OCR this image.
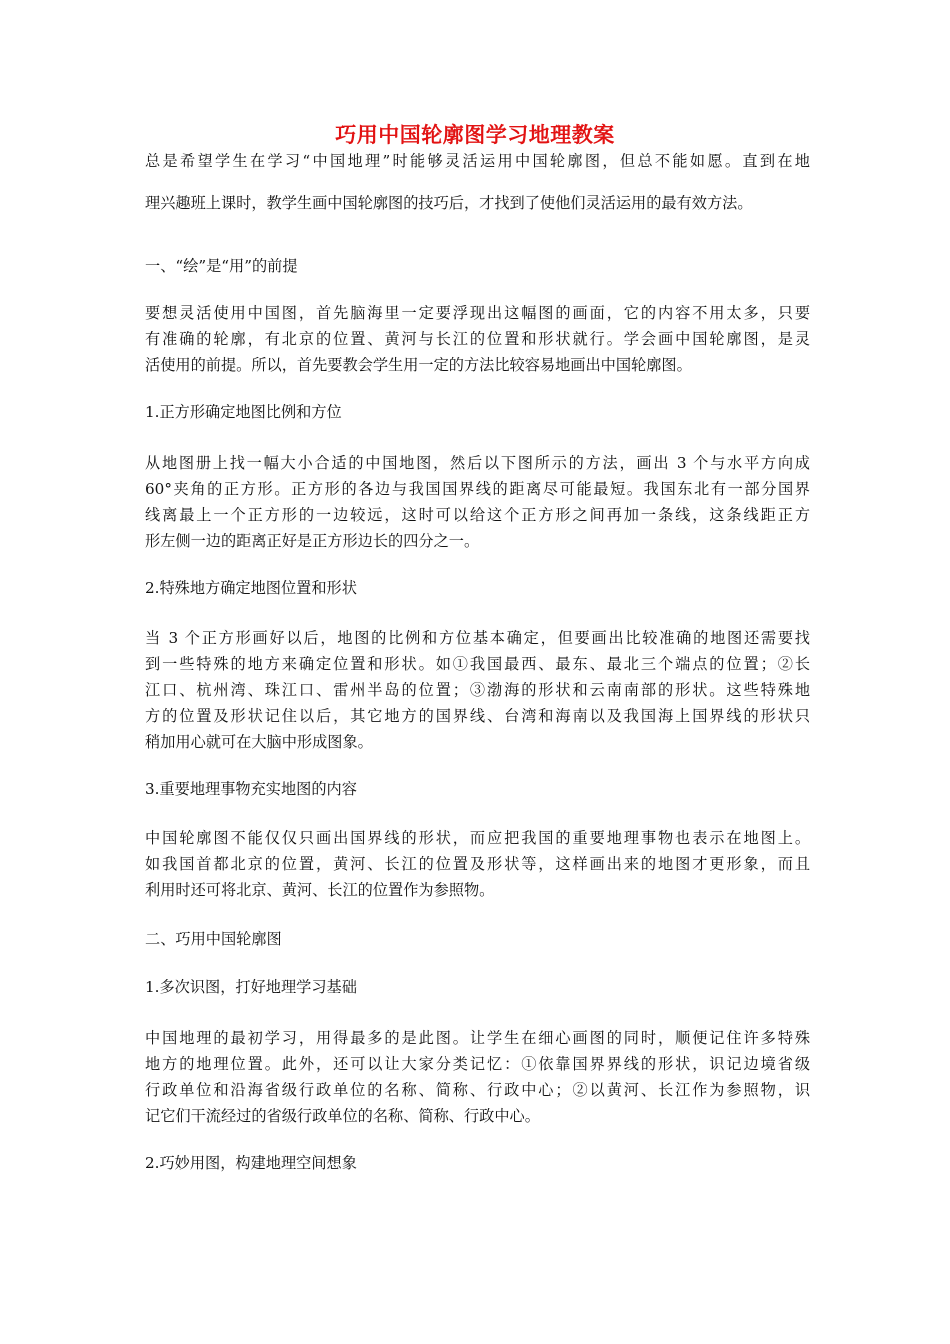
巧用中国轮廓图学习地理教案
总是希望学生在学习“中国地理”时能够灵活运用中国轮廓图，但总不能如愿。直到在地
理兴趣班上课时，教学生画中国轮廓图的技巧后，才找到了使他们灵活运用的最有效方法。
一、“绘”是“用”的前提
要想灵活使用中国图，首先脑海里一定要浮现出这幅图的画面，它的内容不用太多，只要
有准确的轮廓，有北京的位置、黄河与长江的位置和形状就行。学会画中国轮廓图，是灵
活使用的前提。所以，首先要教会学生用一定的方法比较容易地画出中国轮廓图。
1.正方形确定地图比例和方位
从地图册上找一幅大小合适的中国地图，然后以下图所示的方法，画出 3 个与水平方向成
60°夹角的正方形。正方形的各边与我国国界线的距离尽可能最短。我国东北有一部分国界
线离最上一个正方形的一边较远，这时可以给这个正方形之间再加一条线，这条线距正方
形左侧一边的距离正好是正方形边长的四分之一。
2.特殊地方确定地图位置和形状
当 3 个正方形画好以后，地图的比例和方位基本确定，但要画出比较准确的地图还需要找
到一些特殊的地方来确定位置和形状。如①我国最西、最东、最北三个端点的位置；②长
江口、杭州湾、珠江口、雷州半岛的位置；③渤海的形状和云南南部的形状。这些特殊地
方的位置及形状记住以后，其它地方的国界线、台湾和海南以及我国海上国界线的形状只
稍加用心就可在大脑中形成图象。
3.重要地理事物充实地图的内容
中国轮廓图不能仅仅只画出国界线的形状，而应把我国的重要地理事物也表示在地图上。
如我国首都北京的位置，黄河、长江的位置及形状等，这样画出来的地图才更形象，而且
利用时还可将北京、黄河、长江的位置作为参照物。
二、巧用中国轮廓图
1.多次识图，打好地理学习基础
中国地理的最初学习，用得最多的是此图。让学生在细心画图的同时，顺便记住许多特殊
地方的地理位置。此外，还可以让大家分类记忆：①依靠国界界线的形状，识记边境省级
行政单位和沿海省级行政单位的名称、简称、行政中心；②以黄河、长江作为参照物，识
记它们干流经过的省级行政单位的名称、简称、行政中心。
2.巧妙用图，构建地理空间想象
